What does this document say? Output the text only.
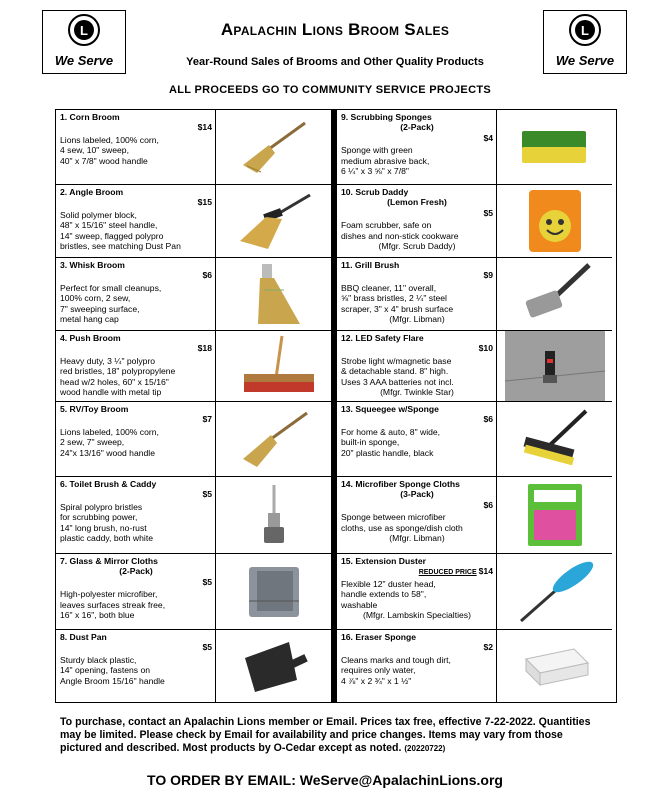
L
We Serve
L
We Serve
Apalachin Lions Broom Sales
Year-Round Sales of Brooms and Other Quality Products
ALL PROCEEDS GO TO COMMUNITY SERVICE PROJECTS
1. Corn Broom
$14
Lions labeled, 100% corn,
4 sew, 10" sweep,
40" x 7/8" wood handle
2. Angle Broom
$15
Solid polymer block,
48" x 15/16" steel handle,
14" sweep, flagged polypro
bristles, see matching Dust Pan
3. Whisk Broom
$6
Perfect for small cleanups,
100% corn, 2 sew,
7" sweeping surface,
metal hang cap
4. Push Broom
$18
Heavy duty, 3 ¼" polypro
red bristles, 18" polypropylene
head w/2 holes, 60" x 15/16"
wood handle with metal tip
5. RV/Toy Broom
$7
Lions labeled, 100% corn,
2 sew, 7" sweep,
24"x 13/16" wood handle
6. Toilet Brush & Caddy
$5
Spiral polypro bristles
for scrubbing power,
14" long brush, no-rust
plastic caddy, both white
7. Glass & Mirror Cloths
(2-Pack)
$5
High-polyester microfiber,
leaves surfaces streak free,
16" x 16", both blue
8. Dust Pan
$5
Sturdy black plastic,
14" opening, fastens on
Angle Broom 15/16" handle
9. Scrubbing Sponges
(2-Pack)
$4
Sponge with green
medium abrasive back,
6 ¼" x 3 ⅝" x 7/8"
10. Scrub Daddy
(Lemon Fresh)
$5
Foam scrubber, safe on
dishes and non-stick cookware
(Mfgr. Scrub Daddy)
11. Grill Brush
$9
BBQ cleaner, 11" overall,
⅝" brass bristles, 2 ¼" steel
scraper, 3" x 4" brush surface
(Mfgr. Libman)
12. LED Safety Flare
$10
Strobe light w/magnetic base
& detachable stand. 8" high.
Uses 3 AAA batteries not incl.
(Mfgr. Twinkle Star)
13. Squeegee w/Sponge
$6
For home & auto, 8" wide,
built-in sponge,
20" plastic handle, black
14. Microfiber Sponge Cloths
(3-Pack)
$6
Sponge between microfiber
cloths, use as sponge/dish cloth
(Mfgr. Libman)
15. Extension Duster
REDUCED PRICE $14
Flexible 12" duster head,
handle extends to 58",
washable
(Mfgr. Lambskin Specialties)
16. Eraser Sponge
$2
Cleans marks and tough dirt,
requires only water,
4 ⅞" x 2 ¾" x 1 ½"
To purchase, contact an Apalachin Lions member or Email. Prices tax free, effective 7-22-2022. Quantities may be limited. Please check by Email for availability and price changes. Items may vary from those pictured and described. Most products by O-Cedar except as noted. (20220722)
TO ORDER BY EMAIL: WeServe@ApalachinLions.org
